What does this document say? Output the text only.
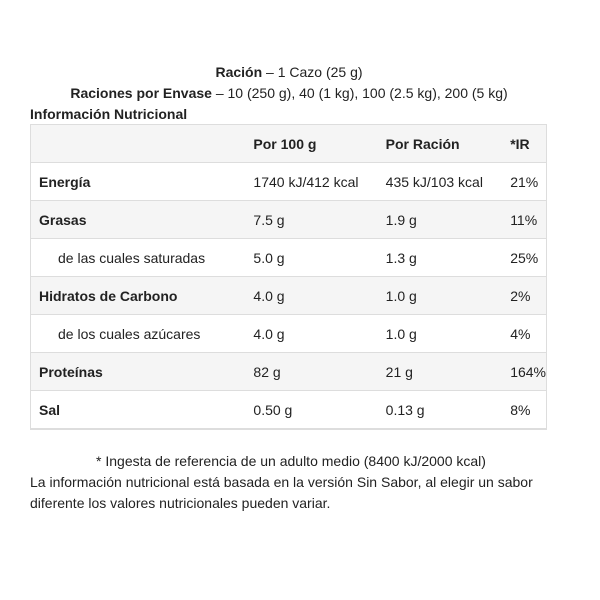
Ración – 1 Cazo (25 g)
Raciones por Envase – 10 (250 g), 40 (1 kg), 100 (2.5 kg), 200 (5 kg)
Información Nutricional
	Por 100 g	Por Ración	*IR
Energía	1740 kJ/412 kcal	435 kJ/103 kcal	21%
Grasas	7.5 g	1.9 g	11%
de las cuales saturadas	5.0 g	1.3 g	25%
Hidratos de Carbono	4.0 g	1.0 g	2%
de los cuales azúcares	4.0 g	1.0 g	4%
Proteínas	82 g	21 g	164%
Sal	0.50 g	0.13 g	8%
* Ingesta de referencia de un adulto medio (8400 kJ/2000 kcal)
La información nutricional está basada en la versión Sin Sabor, al elegir un sabor diferente los valores nutricionales pueden variar.
